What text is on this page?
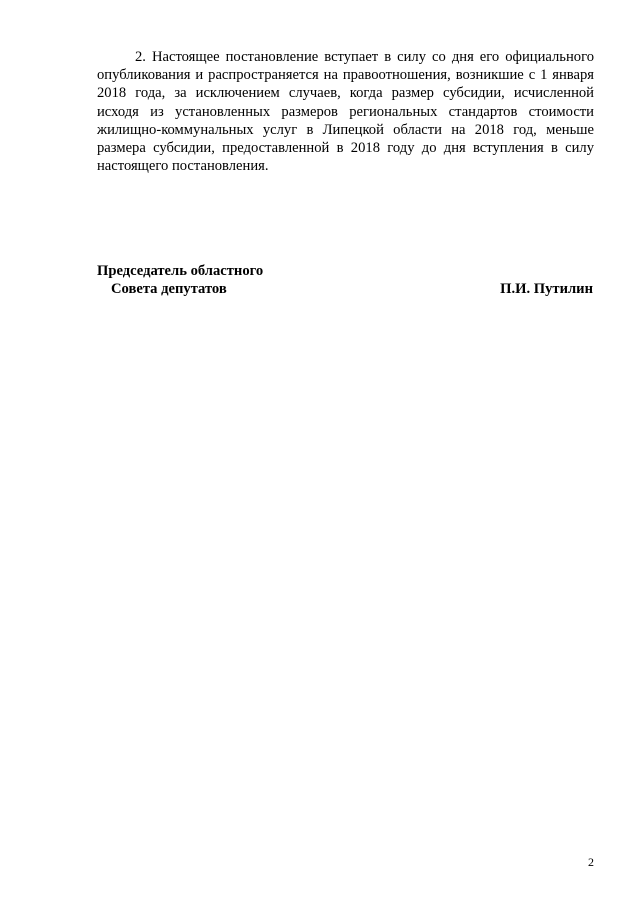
2. Настоящее постановление вступает в силу со дня его официального опубликования и распространяется на правоотношения, возникшие с 1 января 2018 года, за исключением случаев, когда размер субсидии, исчисленной исходя из установленных размеров региональных стандартов стоимости жилищно-коммунальных услуг в Липецкой области на 2018 год, меньше размера субсидии, предоставленной в 2018 году до дня вступления в силу настоящего постановления.

Председатель областного
Совета депутатов	П.И. Путилин
2
